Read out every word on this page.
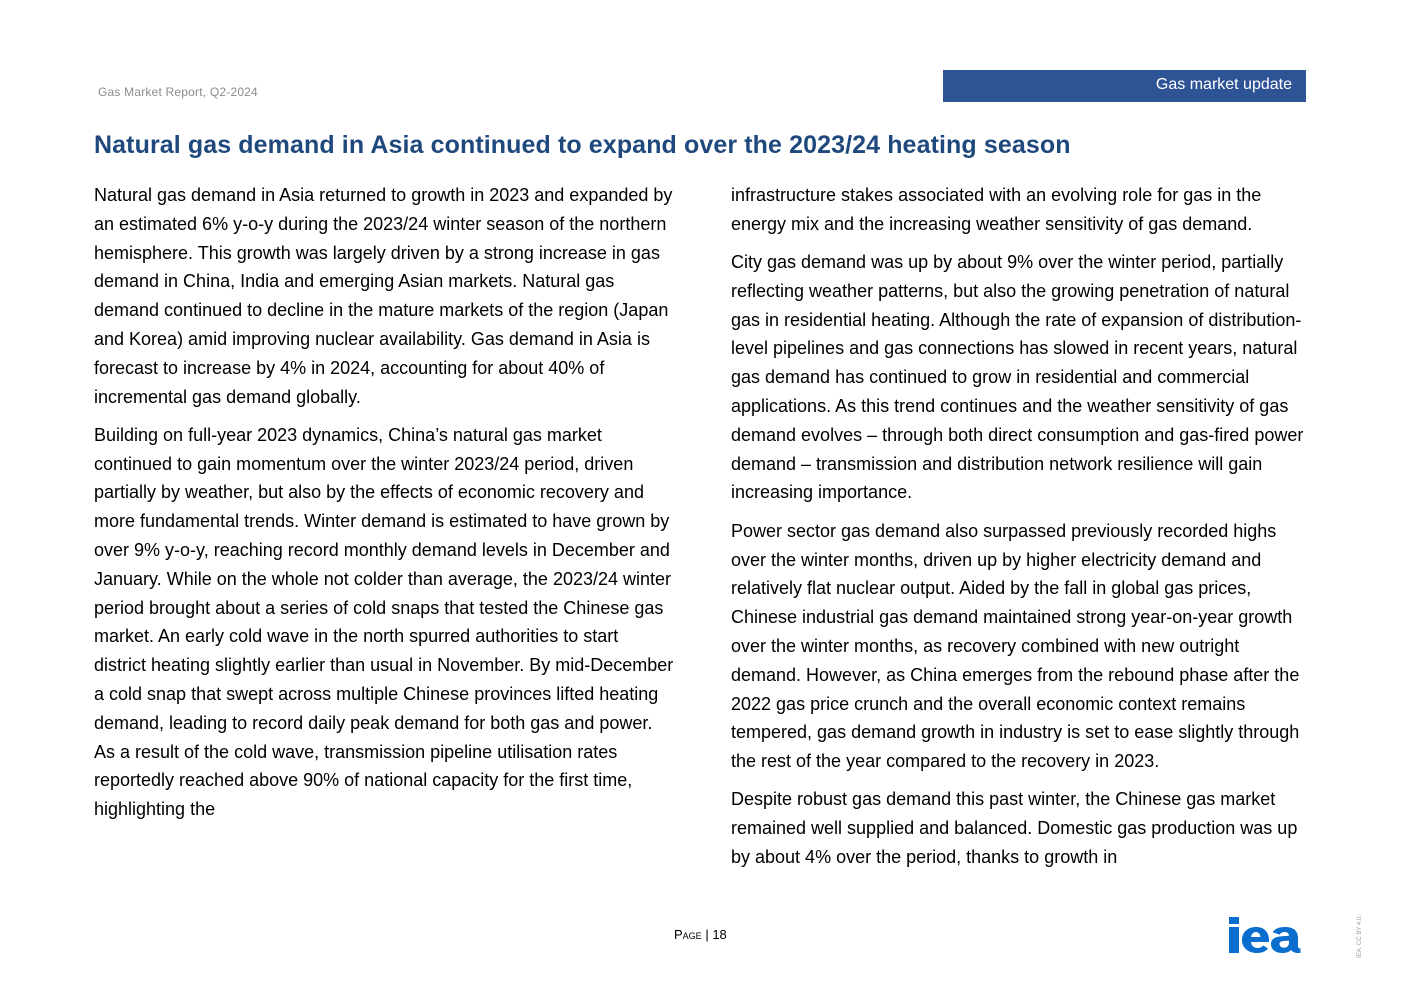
Gas Market Report, Q2-2024	Gas market update
Natural gas demand in Asia continued to expand over the 2023/24 heating season

Natural gas demand in Asia returned to growth in 2023 and expanded by an estimated 6% y-o-y during the 2023/24 winter season of the northern hemisphere. This growth was largely driven by a strong increase in gas demand in China, India and emerging Asian markets. Natural gas demand continued to decline in the mature markets of the region (Japan and Korea) amid improving nuclear availability. Gas demand in Asia is forecast to increase by 4% in 2024, accounting for about 40% of incremental gas demand globally.

Building on full-year 2023 dynamics, China’s natural gas market continued to gain momentum over the winter 2023/24 period, driven partially by weather, but also by the effects of economic recovery and more fundamental trends. Winter demand is estimated to have grown by over 9% y-o-y, reaching record monthly demand levels in December and January. While on the whole not colder than average, the 2023/24 winter period brought about a series of cold snaps that tested the Chinese gas market. An early cold wave in the north spurred authorities to start district heating slightly earlier than usual in November. By mid-December a cold snap that swept across multiple Chinese provinces lifted heating demand, leading to record daily peak demand for both gas and power. As a result of the cold wave, transmission pipeline utilisation rates reportedly reached above 90% of national capacity for the first time, highlighting the

infrastructure stakes associated with an evolving role for gas in the energy mix and the increasing weather sensitivity of gas demand.

City gas demand was up by about 9% over the winter period, partially reflecting weather patterns, but also the growing penetration of natural gas in residential heating. Although the rate of expansion of distribution-level pipelines and gas connections has slowed in recent years, natural gas demand has continued to grow in residential and commercial applications. As this trend continues and the weather sensitivity of gas demand evolves – through both direct consumption and gas-fired power demand – transmission and distribution network resilience will gain increasing importance.

Power sector gas demand also surpassed previously recorded highs over the winter months, driven up by higher electricity demand and relatively flat nuclear output. Aided by the fall in global gas prices, Chinese industrial gas demand maintained strong year-on-year growth over the winter months, as recovery combined with new outright demand. However, as China emerges from the rebound phase after the 2022 gas price crunch and the overall economic context remains tempered, gas demand growth in industry is set to ease slightly through the rest of the year compared to the recovery in 2023.

Despite robust gas demand this past winter, the Chinese gas market remained well supplied and balanced. Domestic gas production was up by about 4% over the period, thanks to growth in

Page | 18	IEA. CC BY 4.0.
